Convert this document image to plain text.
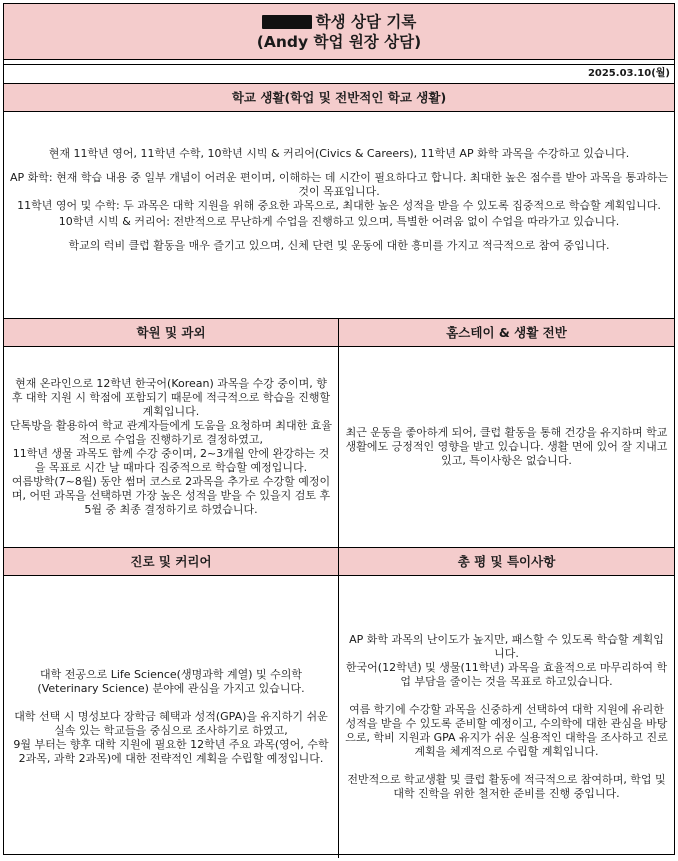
학생 상담 기록
(Andy 학업 원장 상담)
2025.03.10(월)
학교 생활(학업 및 전반적인 학교 생활)

현재 11학년 영어, 11학년 수학, 10학년 시빅 & 커리어(Civics & Careers), 11학년 AP 화학 과목을 수강하고 있습니다.

AP 화학: 현재 학습 내용 중 일부 개념이 어려운 편이며, 이해하는 데 시간이 필요하다고 합니다. 최대한 높은 점수를 받아 과목을 통과하는 것이 목표입니다.

11학년 영어 및 수학: 두 과목은 대학 지원을 위해 중요한 과목으로, 최대한 높은 성적을 받을 수 있도록 집중적으로 학습할 계획입니다.

10학년 시빅 & 커리어: 전반적으로 무난하게 수업을 진행하고 있으며, 특별한 어려움 없이 수업을 따라가고 있습니다.

학교의 럭비 클럽 활동을 매우 즐기고 있으며, 신체 단련 및 운동에 대한 흥미를 가지고 적극적으로 참여 중입니다.

학원 및 과외

현재 온라인으로 12학년 한국어(Korean) 과목을 수강 중이며, 향후 대학 지원 시 학점에 포함되기 때문에 적극적으로 학습을 진행할 계획입니다.

단톡방을 활용하여 학교 관계자들에게 도움을 요청하며 최대한 효율적으로 수업을 진행하기로 결정하였고,

11학년 생물 과목도 함께 수강 중이며, 2~3개월 안에 완강하는 것을 목표로 시간 날 때마다 집중적으로 학습할 예정입니다.

여름방학(7~8월) 동안 썸머 코스로 2과목을 추가로 수강할 예정이며, 어떤 과목을 선택하면 가장 높은 성적을 받을 수 있을지 검토 후 5월 중 최종 결정하기로 하였습니다.

홈스테이 & 생활 전반

최근 운동을 좋아하게 되어, 클럽 활동을 통해 건강을 유지하며 학교생활에도 긍정적인 영향을 받고 있습니다. 생활 면에 있어 잘 지내고 있고, 특이사항은 없습니다.

진로 및 커리어

대학 전공으로 Life Science(생명과학 계열) 및 수의학(Veterinary Science) 분야에 관심을 가지고 있습니다.

대학 선택 시 명성보다 장학금 혜택과 성적(GPA)을 유지하기 쉬운 실속 있는 학교들을 중심으로 조사하기로 하였고,

9월 부터는 향후 대학 지원에 필요한 12학년 주요 과목(영어, 수학 2과목, 과학 2과목)에 대한 전략적인 계획을 수립할 예정입니다.

총 평 및 특이사항

AP 화학 과목의 난이도가 높지만, 패스할 수 있도록 학습할 계획입니다.

한국어(12학년) 및 생물(11학년) 과목을 효율적으로 마무리하여 학업 부담을 줄이는 것을 목표로 하고있습니다.

여름 학기에 수강할 과목을 신중하게 선택하여 대학 지원에 유리한 성적을 받을 수 있도록 준비할 예정이고, 수의학에 대한 관심을 바탕으로, 학비 지원과 GPA 유지가 쉬운 실용적인 대학을 조사하고 진로 계획을 체계적으로 수립할 계획입니다.

전반적으로 학교생활 및 클럽 활동에 적극적으로 참여하며, 학업 및 대학 진학을 위한 철저한 준비를 진행 중입니다.
